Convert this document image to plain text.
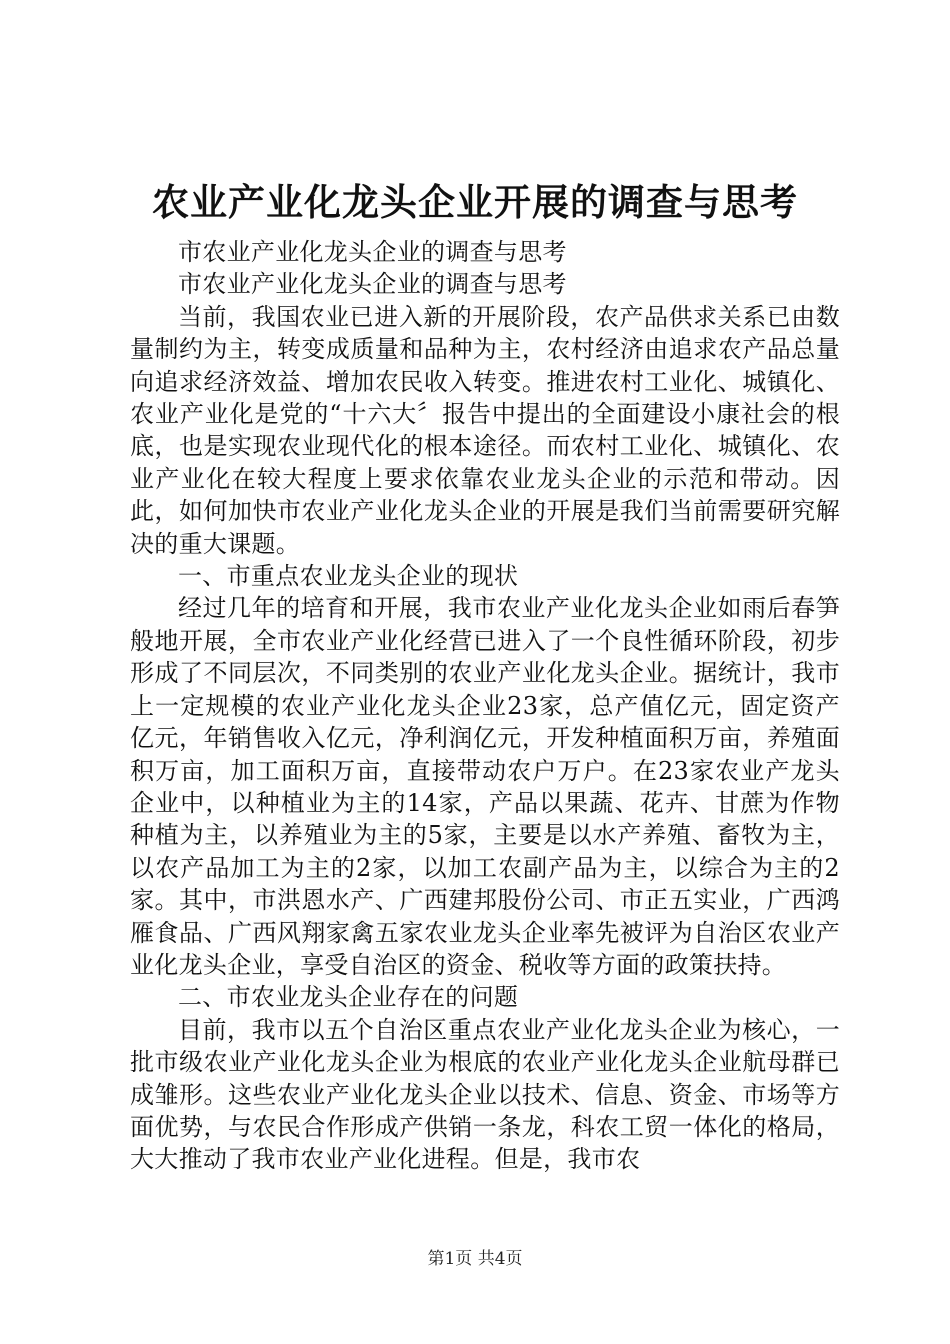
农业产业化龙头企业开展的调查与思考

市农业产业化龙头企业的调查与思考

市农业产业化龙头企业的调查与思考

当前，我国农业已进入新的开展阶段，农产品供求关系已由数量制约为主，转变成质量和品种为主，农村经济由追求农产品总量向追求经济效益、增加农民收入转变。推进农村工业化、城镇化、农业产业化是党的“十六大〞报告中提出的全面建设小康社会的根底，也是实现农业现代化的根本途径。而农村工业化、城镇化、农业产业化在较大程度上要求依靠农业龙头企业的示范和带动。因此，如何加快市农业产业化龙头企业的开展是我们当前需要研究解决的重大课题。

一、市重点农业龙头企业的现状

经过几年的培育和开展，我市农业产业化龙头企业如雨后春笋般地开展，全市农业产业化经营已进入了一个良性循环阶段，初步形成了不同层次，不同类别的农业产业化龙头企业。据统计，我市上一定规模的农业产业化龙头企业23家，总产值亿元，固定资产亿元，年销售收入亿元，净利润亿元，开发种植面积万亩，养殖面积万亩，加工面积万亩，直接带动农户万户。在23家农业产龙头企业中，以种植业为主的14家，产品以果蔬、花卉、甘蔗为作物种植为主，以养殖业为主的5家，主要是以水产养殖、畜牧为主，以农产品加工为主的2家，以加工农副产品为主，以综合为主的2家。其中，市洪恩水产、广西建邦股份公司、市正五实业，广西鸿雁食品、广西风翔家禽五家农业龙头企业率先被评为自治区农业产业化龙头企业，享受自治区的资金、税收等方面的政策扶持。

二、市农业龙头企业存在的问题

目前，我市以五个自治区重点农业产业化龙头企业为核心，一批市级农业产业化龙头企业为根底的农业产业化龙头企业航母群已成雏形。这些农业产业化龙头企业以技术、信息、资金、市场等方面优势，与农民合作形成产供销一条龙，科农工贸一体化的格局，大大推动了我市农业产业化进程。但是，我市农

第1页 共4页
